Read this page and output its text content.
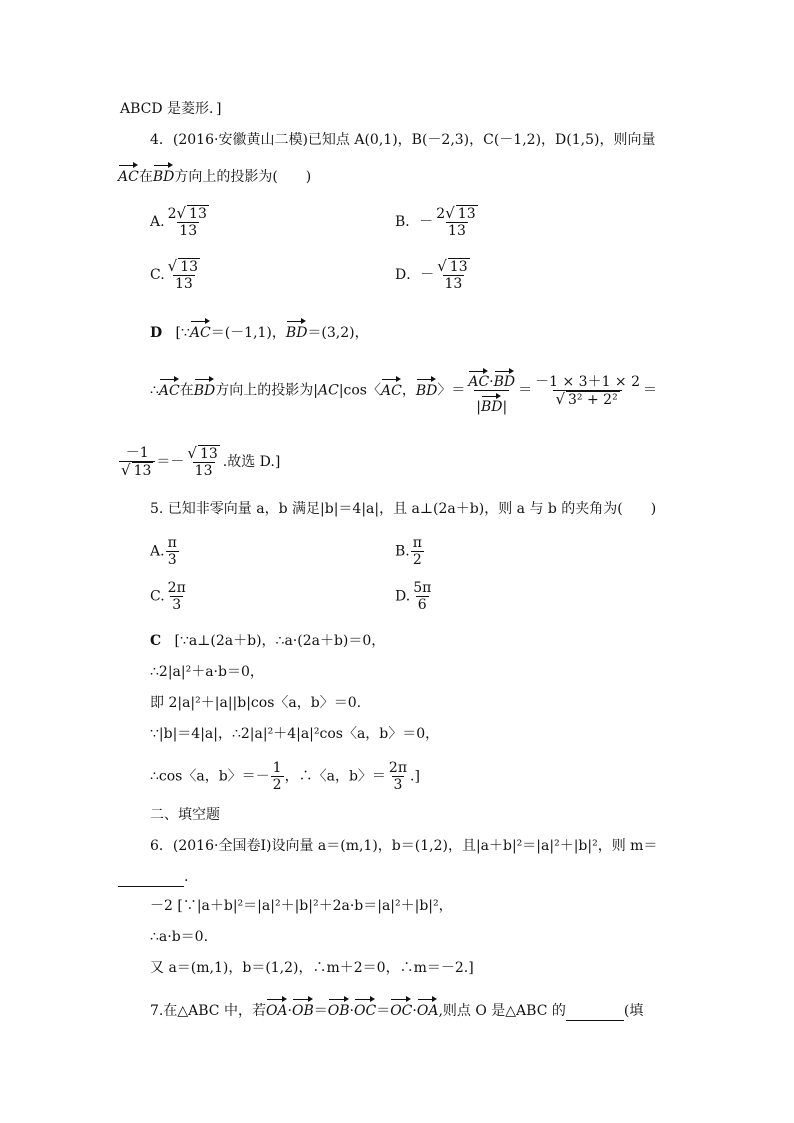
ABCD 是菱形．]
4．(2016·安徽黄山二模)已知点 A(0,1)，B(－2,3)，C(－1,2)，D(1,5)，则向量
AC在BD方向上的投影为(　　)
A. $\frac{2√ 13}{13}$	B．－ $\frac{2√ 13}{13}$
C. $\frac{√ 13}{13}$	D．－ $\frac{√ 13}{13}$
D [∵AC＝(－1,1)，BD＝(3,2)，
∴AC在BD方向上的投影为|AC|cos〈AC，BD〉＝ $\frac{AC\cdot BD}{|BD|} = \frac{-1 \times 3+1 \times 2}{\text{√ 3² + 2²}}$ ＝
$\frac{-1}{√ 13} =- \frac{√ 13}{13}$ .故选 D.]
5. 已知非零向量 a，b 满足|b|＝4|a|，且 a⊥(2a＋b)，则 a 与 b 的夹角为(　　)
A. $\frac{\pi}{3}$	B. $\frac{\pi}{2}$
C. $\frac{2\pi}{3}$	D. $\frac{5\pi}{6}$
C [∵a⊥(2a＋b)，∴a·(2a＋b)＝0，
∴2|a|²＋a·b＝0，
即 2|a|²＋|a||b|cos〈a，b〉＝0.
∵|b|＝4|a|，∴2|a|²＋4|a|²cos〈a，b〉＝0，
∴cos〈a，b〉＝－ $\frac{1}{2}$ ，∴〈a，b〉＝ $\frac{2\pi}{3}$ .]
二、填空题
6．(2016·全国卷Ⅰ)设向量 a＝(m,1)，b＝(1,2)，且|a＋b|²＝|a|²＋|b|²，则 m＝
.
－2 [∵|a＋b|²＝|a|²＋|b|²＋2a·b＝|a|²＋|b|²，
∴a·b＝0.
又 a＝(m,1)，b＝(1,2)，∴m＋2＝0，∴m＝－2.]
7.在△ABC 中，若OA·OB＝OB·OC＝OC·OA,则点 O 是△ABC 的	(填
